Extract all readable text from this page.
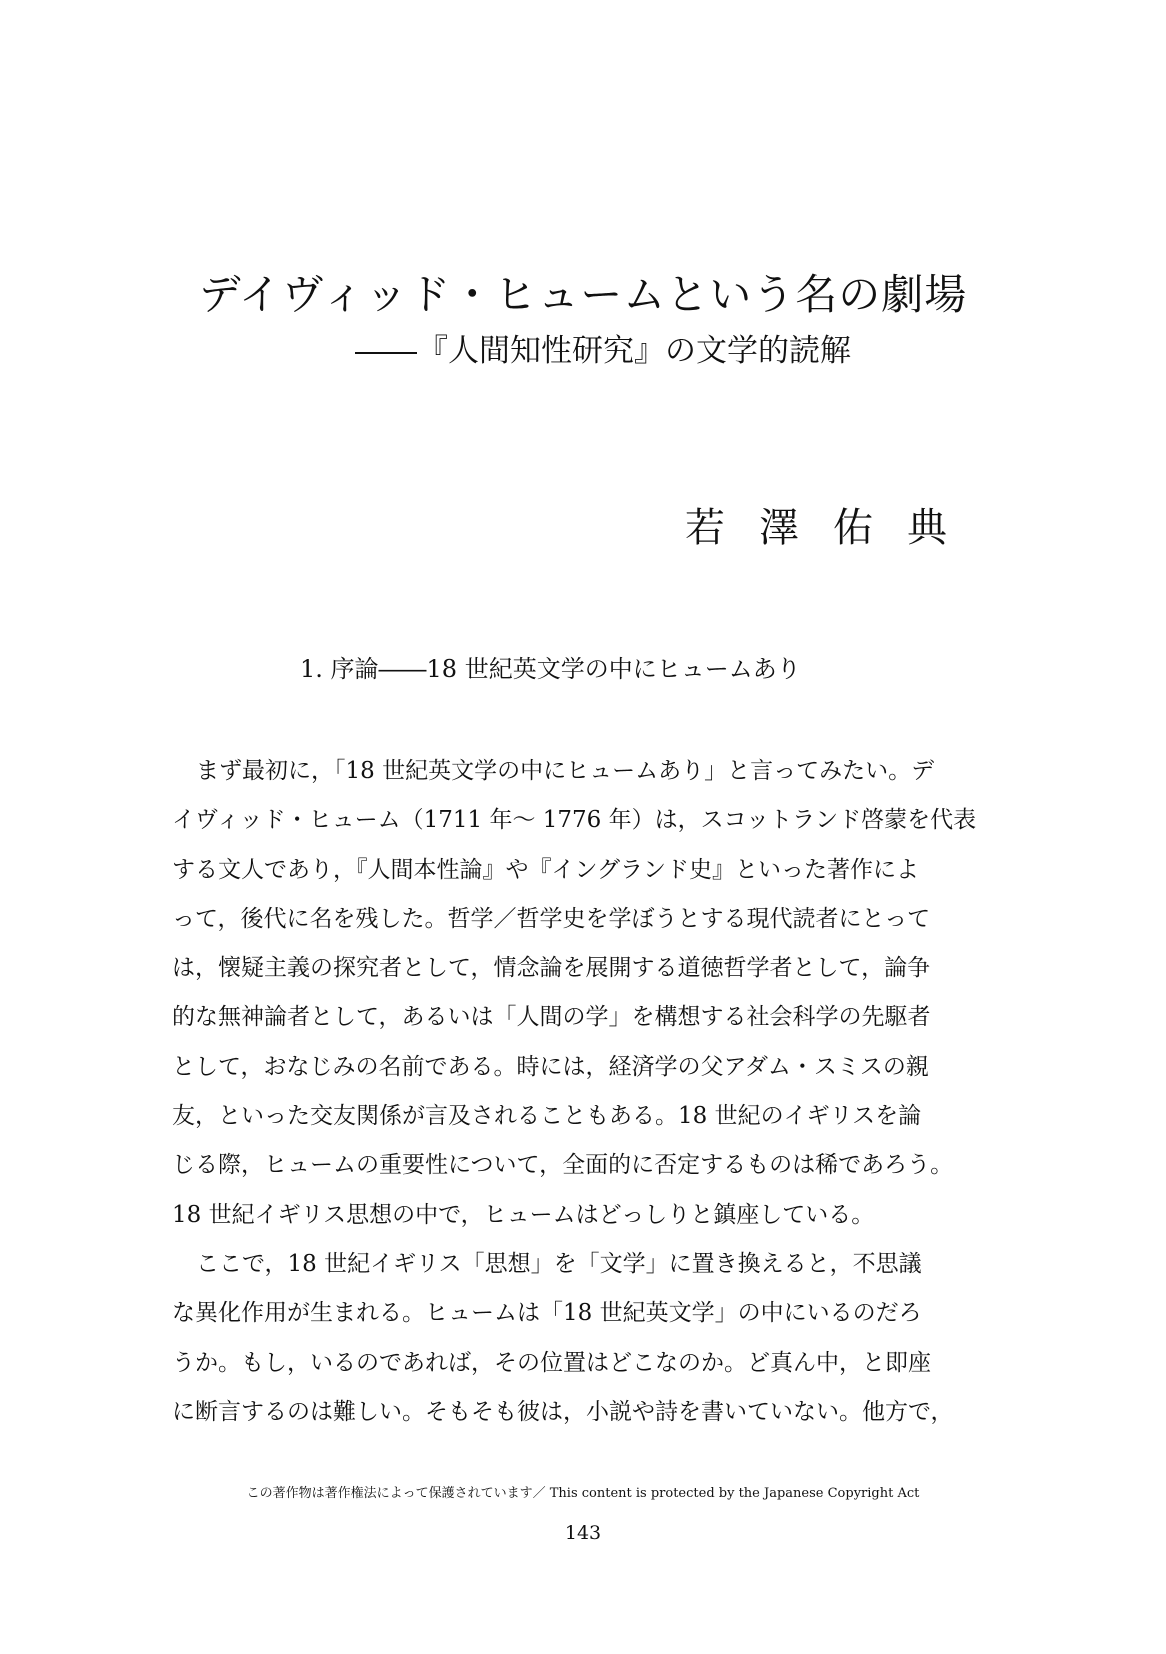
デイヴィッド・ヒュームという名の劇場
――『人間知性研究』の文学的読解
若澤佑典
1. 序論――18 世紀英文学の中にヒュームあり
まず最初に，「18 世紀英文学の中にヒュームあり」と言ってみたい。デ
イヴィッド・ヒューム（1711 年～ 1776 年）は，スコットランド啓蒙を代表
する文人であり，『人間本性論』や『イングランド史』といった著作によ
って，後代に名を残した。哲学／哲学史を学ぼうとする現代読者にとって
は，懐疑主義の探究者として，情念論を展開する道徳哲学者として，論争
的な無神論者として，あるいは「人間の学」を構想する社会科学の先駆者
として，おなじみの名前である。時には，経済学の父アダム・スミスの親
友，といった交友関係が言及されることもある。18 世紀のイギリスを論
じる際，ヒュームの重要性について，全面的に否定するものは稀であろう。
18 世紀イギリス思想の中で，ヒュームはどっしりと鎮座している。
ここで，18 世紀イギリス「思想」を「文学」に置き換えると，不思議
な異化作用が生まれる。ヒュームは「18 世紀英文学」の中にいるのだろ
うか。もし，いるのであれば，その位置はどこなのか。ど真ん中，と即座
に断言するのは難しい。そもそも彼は，小説や詩を書いていない。他方で，
この著作物は著作権法によって保護されています／ This content is protected by the Japanese Copyright Act
143
